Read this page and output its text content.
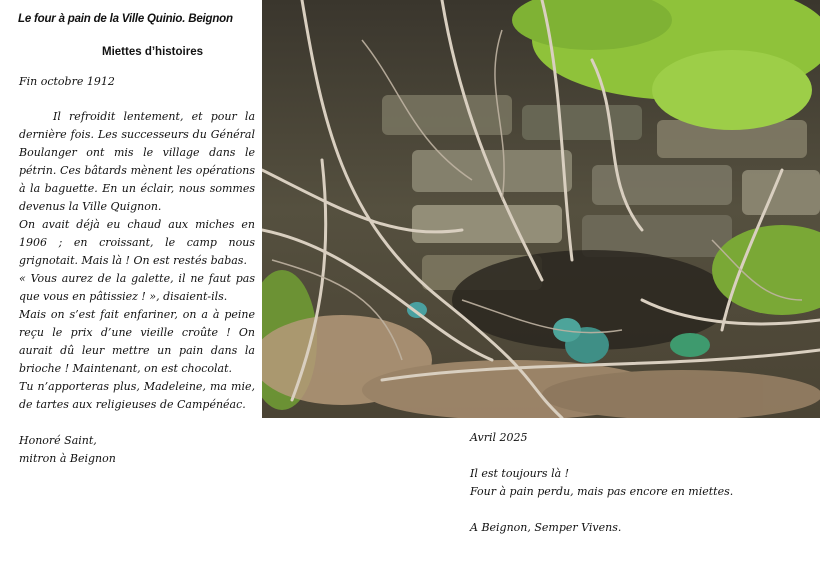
Le four à pain de la Ville Quinio. Beignon
Miettes d’histoires
Fin octobre 1912

Il refroidit lentement, et pour la dernière fois. Les successeurs du Général Boulanger ont mis le village dans le pétrin. Ces bâtards mènent les opérations à la baguette. En un éclair, nous sommes devenus la Ville Quignon.

On avait déjà eu chaud aux miches en 1906 ; en croissant, le camp nous grignotait. Mais là ! On est restés babas.

« Vous aurez de la galette, il ne faut pas que vous en pâtissiez ! », disaient-ils.

Mais on s’est fait enfariner, on a à peine reçu le prix d’une vieille croûte ! On aurait dû leur mettre un pain dans la brioche ! Maintenant, on est chocolat.

Tu n’apporteras plus, Madeleine, ma mie, de tartes aux religieuses de Campénéac.

Honoré Saint,

mitron à Beignon

Avril 2025

Il est toujours là !

Four à pain perdu, mais pas encore en miettes.

A Beignon, Semper Vivens.
